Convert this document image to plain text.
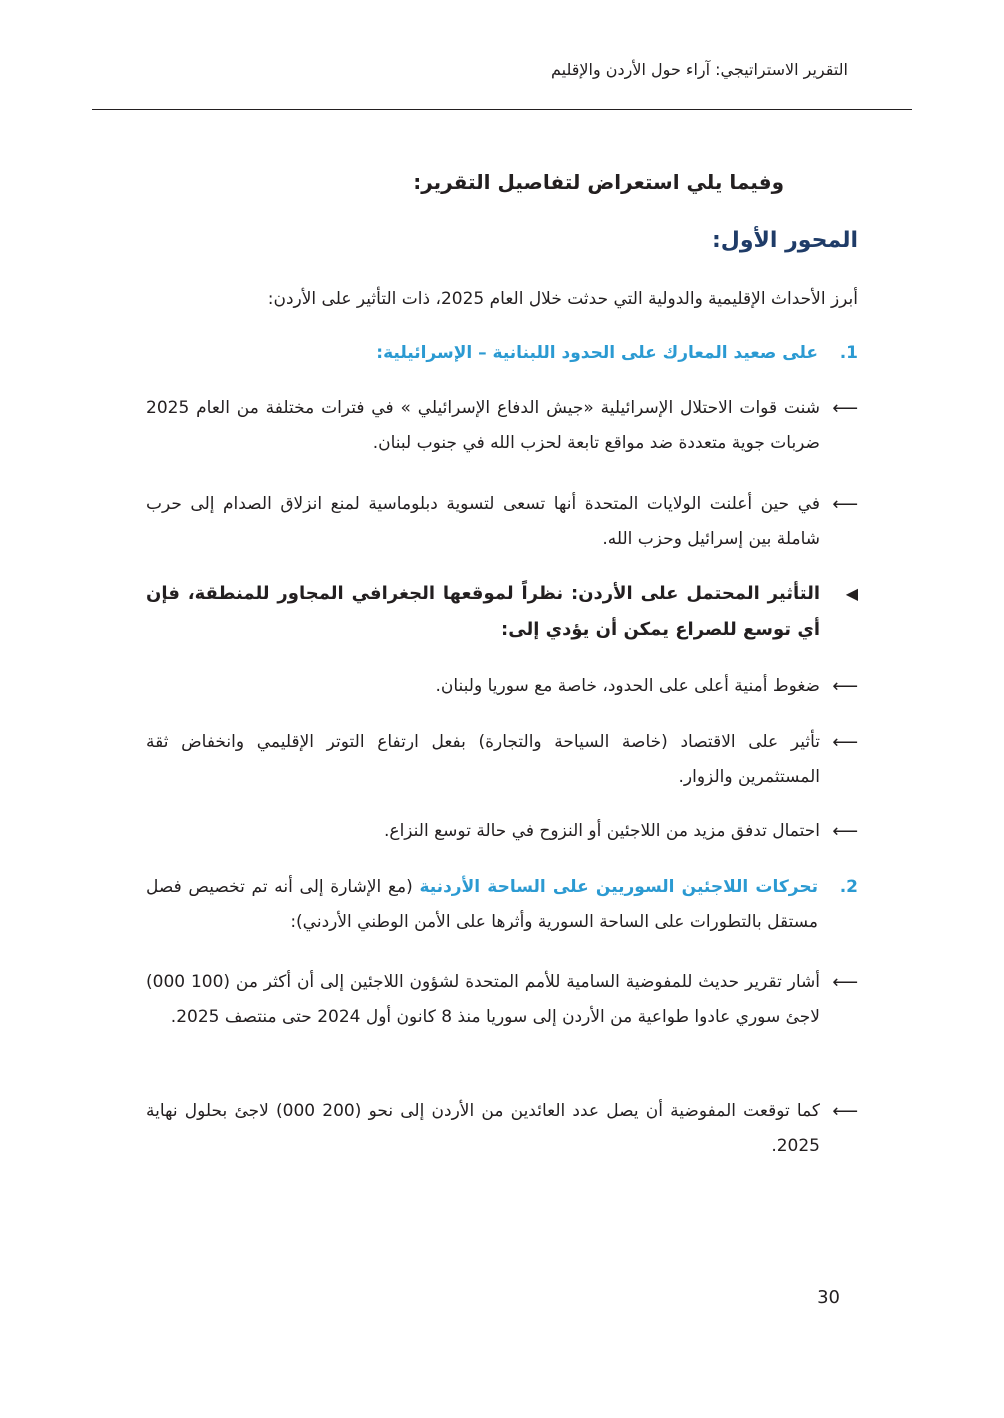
التقرير الاستراتيجي: آراء حول الأردن والإقليم
وفيما يلي استعراض لتفاصيل التقرير:
المحور الأول:
أبرز الأحداث الإقليمية والدولية التي حدثت خلال العام 2025، ذات التأثير على الأردن:
1.
على صعيد المعارك على الحدود اللبنانية – الإسرائيلية:
⟵
شنت قوات الاحتلال الإسرائيلية «جيش الدفاع الإسرائيلي » في فترات مختلفة من العام 2025 ضربات جوية متعددة ضد مواقع تابعة لحزب الله في جنوب لبنان.
⟵
في حين أعلنت الولايات المتحدة أنها تسعى لتسوية دبلوماسية لمنع انزلاق الصدام إلى حرب شاملة بين إسرائيل وحزب الله.
◀
التأثير المحتمل على الأردن: نظراً لموقعها الجغرافي المجاور للمنطقة، فإن أي توسع للصراع يمكن أن يؤدي إلى:
⟵
ضغوط أمنية أعلى على الحدود، خاصة مع سوريا ولبنان.
⟵
تأثير على الاقتصاد (خاصة السياحة والتجارة) بفعل ارتفاع التوتر الإقليمي وانخفاض ثقة المستثمرين والزوار.
⟵
احتمال تدفق مزيد من اللاجئين أو النزوح في حالة توسع النزاع.
2.
تحركات اللاجئين السوريين على الساحة الأردنية (مع الإشارة إلى أنه تم تخصيص فصل مستقل بالتطورات على الساحة السورية وأثرها على الأمن الوطني الأردني):
⟵
أشار تقرير حديث للمفوضية السامية للأمم المتحدة لشؤون اللاجئين إلى أن أكثر من (100 000) لاجئ سوري عادوا طواعية من الأردن إلى سوريا منذ 8 كانون أول 2024 حتى منتصف 2025.
⟵
كما توقعت المفوضية أن يصل عدد العائدين من الأردن إلى نحو (200 000) لاجئ بحلول نهاية 2025.
30
